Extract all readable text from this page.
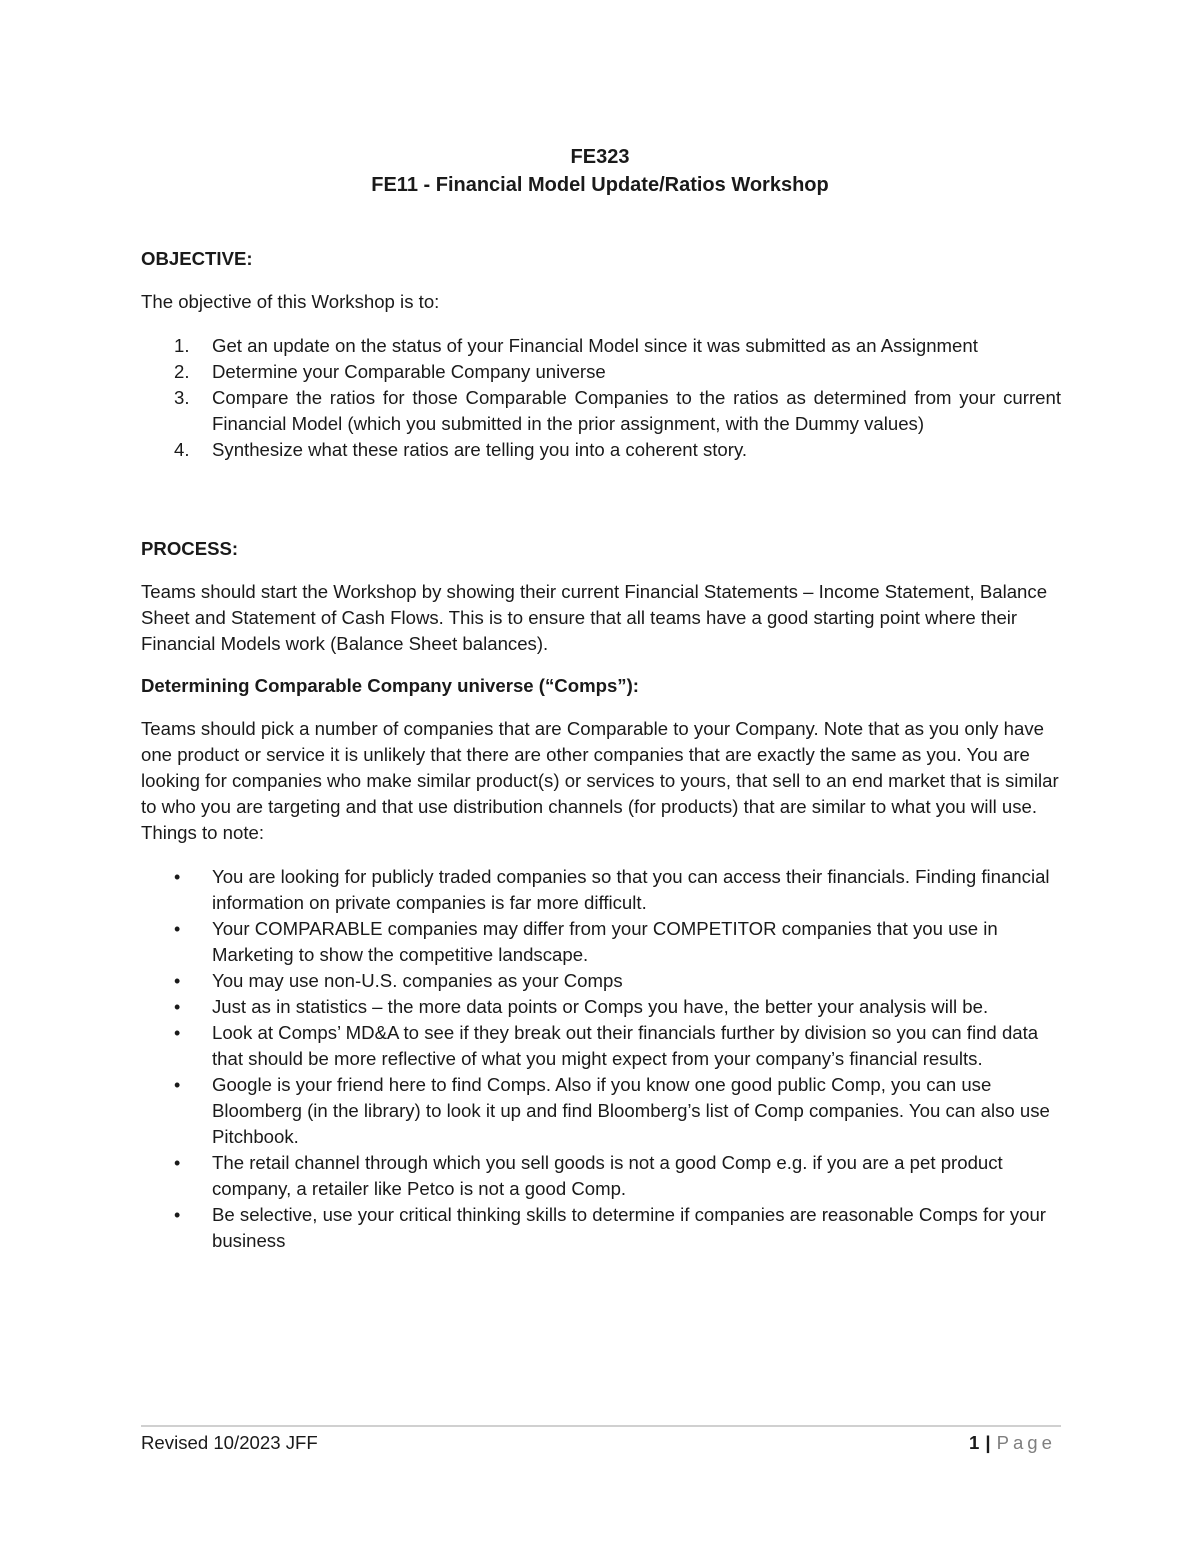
FE323
FE11 - Financial Model Update/Ratios Workshop
OBJECTIVE:
The objective of this Workshop is to:
1. Get an update on the status of your Financial Model since it was submitted as an Assignment
2. Determine your Comparable Company universe
3. Compare the ratios for those Comparable Companies to the ratios as determined from your current Financial Model (which you submitted in the prior assignment, with the Dummy values)
4. Synthesize what these ratios are telling you into a coherent story.
PROCESS:
Teams should start the Workshop by showing their current Financial Statements – Income Statement, Balance Sheet and Statement of Cash Flows. This is to ensure that all teams have a good starting point where their Financial Models work (Balance Sheet balances).
Determining Comparable Company universe (“Comps”):
Teams should pick a number of companies that are Comparable to your Company. Note that as you only have one product or service it is unlikely that there are other companies that are exactly the same as you. You are looking for companies who make similar product(s) or services to yours, that sell to an end market that is similar to who you are targeting and that use distribution channels (for products) that are similar to what you will use. Things to note:
• You are looking for publicly traded companies so that you can access their financials. Finding financial information on private companies is far more difficult.
• Your COMPARABLE companies may differ from your COMPETITOR companies that you use in Marketing to show the competitive landscape.
• You may use non-U.S. companies as your Comps
• Just as in statistics – the more data points or Comps you have, the better your analysis will be.
• Look at Comps’ MD&A to see if they break out their financials further by division so you can find data that should be more reflective of what you might expect from your company’s financial results.
• Google is your friend here to find Comps. Also if you know one good public Comp, you can use Bloomberg (in the library) to look it up and find Bloomberg’s list of Comp companies. You can also use Pitchbook.
• The retail channel through which you sell goods is not a good Comp e.g. if you are a pet product company, a retailer like Petco is not a good Comp.
• Be selective, use your critical thinking skills to determine if companies are reasonable Comps for your business
Revised 10/2023 JFF	1 | Page
